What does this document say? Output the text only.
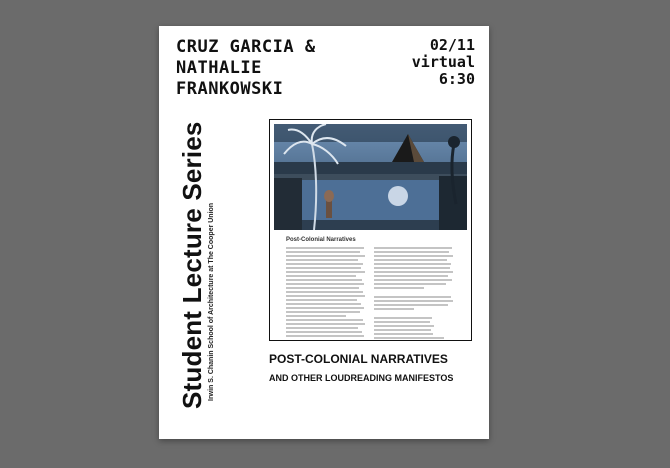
CRUZ GARCIA &
NATHALIE
FRANKOWSKI
02/11
virtual
6:30
Student Lecture Series Irwin S. Chanin School of Architecture at The Cooper Union	Post-Colonial Narratives
POST-COLONIAL NARRATIVES
AND OTHER LOUDREADING MANIFESTOS
